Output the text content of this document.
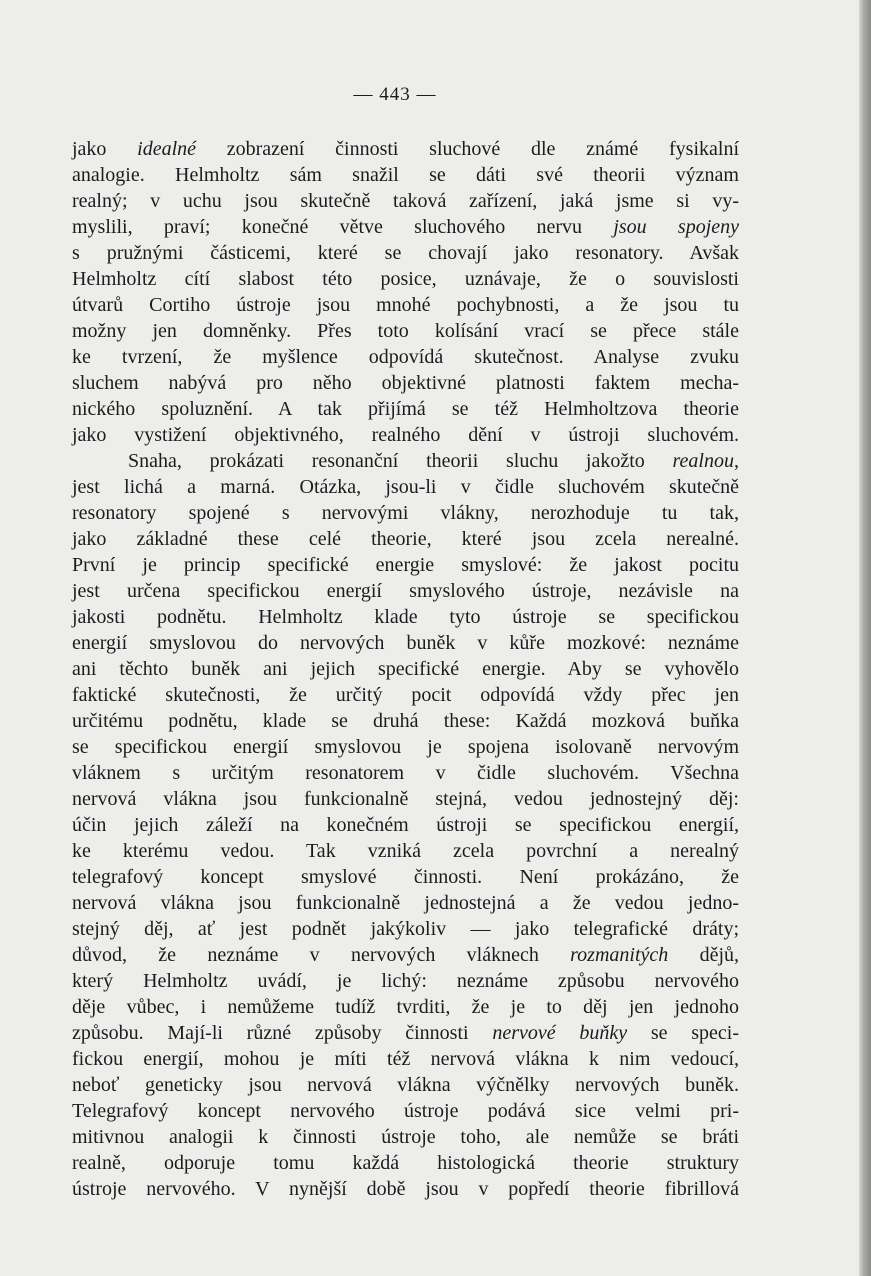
— 443 —
jako idealné zobrazení činnosti sluchové dle známé fysikalní
analogie. Helmholtz sám snažil se dáti své theorii význam
realný; v uchu jsou skutečně taková zařízení, jaká jsme si vy-
myslili, praví; konečné větve sluchového nervu jsou spojeny
s pružnými částicemi, které se chovají jako resonatory. Avšak
Helmholtz cítí slabost této posice, uznávaje, že o souvislosti
útvarů Cortiho ústroje jsou mnohé pochybnosti, a že jsou tu
možny jen domněnky. Přes toto kolísání vrací se přece stále
ke tvrzení, že myšlence odpovídá skutečnost. Analyse zvuku
sluchem nabývá pro něho objektivné platnosti faktem mecha-
nického spoluznění. A tak přijímá se též Helmholtzova theorie
jako vystižení objektivného, realného dění v ústroji sluchovém.
Snaha, prokázati resonanční theorii sluchu jakožto realnou,
jest lichá a marná. Otázka, jsou-li v čidle sluchovém skutečně
resonatory spojené s nervovými vlákny, nerozhoduje tu tak,
jako základné these celé theorie, které jsou zcela nerealné.
První je princip specifické energie smyslové: že jakost pocitu
jest určena specifickou energií smyslového ústroje, nezávisle na
jakosti podnětu. Helmholtz klade tyto ústroje se specifickou
energií smyslovou do nervových buněk v kůře mozkové: neznáme
ani těchto buněk ani jejich specifické energie. Aby se vyhovělo
faktické skutečnosti, že určitý pocit odpovídá vždy přec jen
určitému podnětu, klade se druhá these: Každá mozková buňka
se specifickou energií smyslovou je spojena isolovaně nervovým
vláknem s určitým resonatorem v čidle sluchovém. Všechna
nervová vlákna jsou funkcionalně stejná, vedou jednostejný děj:
účin jejich záleží na konečném ústroji se specifickou energií,
ke kterému vedou. Tak vzniká zcela povrchní a nerealný
telegrafový koncept smyslové činnosti. Není prokázáno, že
nervová vlákna jsou funkcionalně jednostejná a že vedou jedno-
stejný děj, ať jest podnět jakýkoliv — jako telegrafické dráty;
důvod, že neznáme v nervových vláknech rozmanitých dějů,
který Helmholtz uvádí, je lichý: neznáme způsobu nervového
děje vůbec, i nemůžeme tudíž tvrditi, že je to děj jen jednoho
způsobu. Mají-li různé způsoby činnosti nervové buňky se speci-
fickou energií, mohou je míti též nervová vlákna k nim vedoucí,
neboť geneticky jsou nervová vlákna výčnělky nervových buněk.
Telegrafový koncept nervového ústroje podává sice velmi pri-
mitivnou analogii k činnosti ústroje toho, ale nemůže se bráti
realně, odporuje tomu každá histologická theorie struktury
ústroje nervového. V nynější době jsou v popředí theorie fibrillová
